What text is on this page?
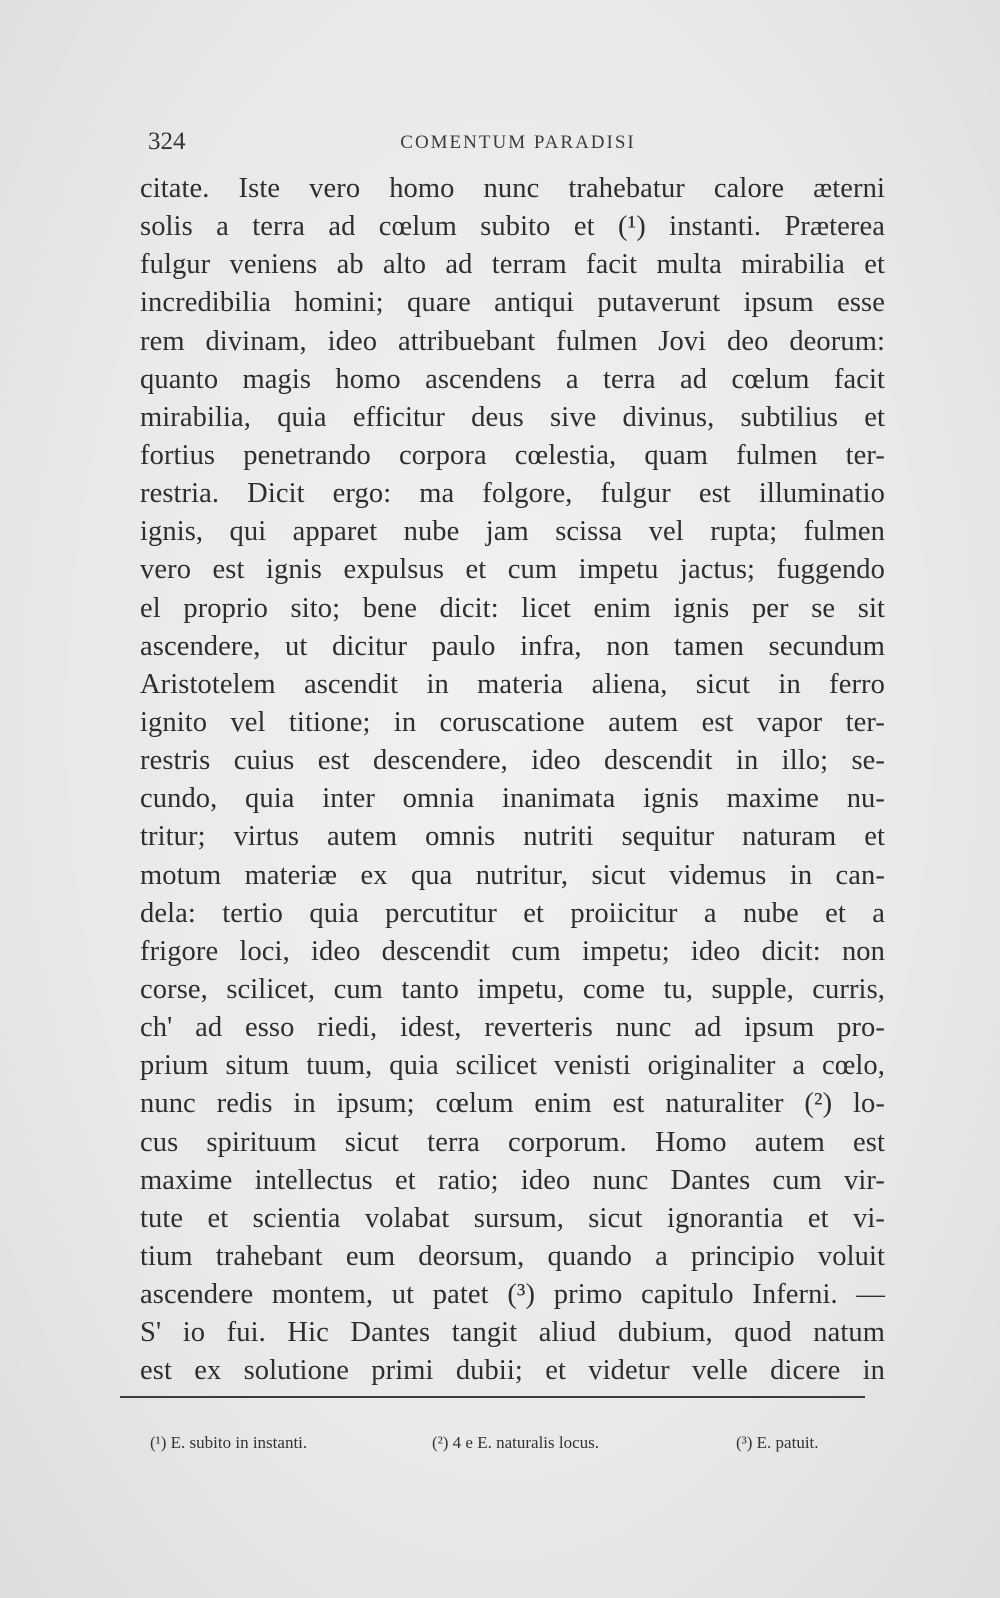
324	COMENTUM PARADISI
citate. Iste vero homo nunc trahebatur calore æterni
solis a terra ad cœlum subito et (¹) instanti. Præterea
fulgur veniens ab alto ad terram facit multa mirabilia et
incredibilia homini; quare antiqui putaverunt ipsum esse
rem divinam, ideo attribuebant fulmen Jovi deo deorum:
quanto magis homo ascendens a terra ad cœlum facit
mirabilia, quia efficitur deus sive divinus, subtilius et
fortius penetrando corpora cœlestia, quam fulmen ter-
restria. Dicit ergo: ma folgore, fulgur est illuminatio
ignis, qui apparet nube jam scissa vel rupta; fulmen
vero est ignis expulsus et cum impetu jactus; fuggendo
el proprio sito; bene dicit: licet enim ignis per se sit
ascendere, ut dicitur paulo infra, non tamen secundum
Aristotelem ascendit in materia aliena, sicut in ferro
ignito vel titione; in coruscatione autem est vapor ter-
restris cuius est descendere, ideo descendit in illo; se-
cundo, quia inter omnia inanimata ignis maxime nu-
tritur; virtus autem omnis nutriti sequitur naturam et
motum materiæ ex qua nutritur, sicut videmus in can-
dela: tertio quia percutitur et proiicitur a nube et a
frigore loci, ideo descendit cum impetu; ideo dicit: non
corse, scilicet, cum tanto impetu, come tu, supple, curris,
ch' ad esso riedi, idest, reverteris nunc ad ipsum pro-
prium situm tuum, quia scilicet venisti originaliter a cœlo,
nunc redis in ipsum; cœlum enim est naturaliter (²) lo-
cus spirituum sicut terra corporum. Homo autem est
maxime intellectus et ratio; ideo nunc Dantes cum vir-
tute et scientia volabat sursum, sicut ignorantia et vi-
tium trahebant eum deorsum, quando a principio voluit
ascendere montem, ut patet (³) primo capitulo Inferni. —
S' io fui. Hic Dantes tangit aliud dubium, quod natum
est ex solutione primi dubii; et videtur velle dicere in
(¹) E. subito in instanti.	(²) 4 e E. naturalis locus.	(³) E. patuit.
